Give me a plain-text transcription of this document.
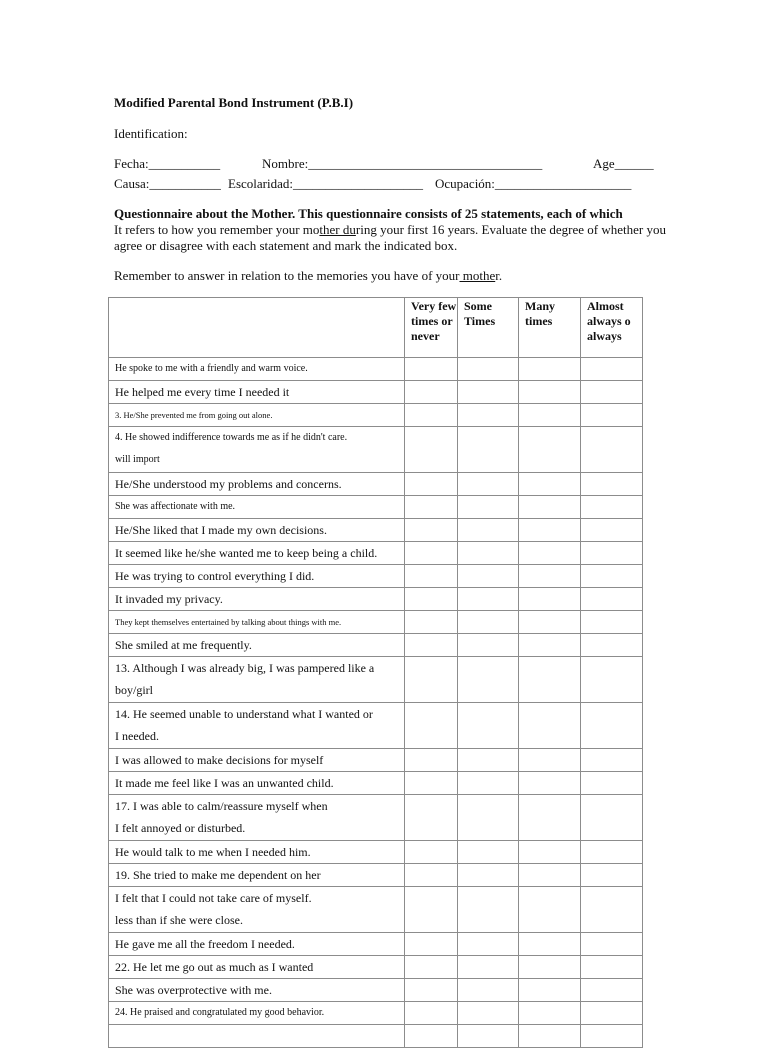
Modified Parental Bond Instrument (P.B.I)
Identification:
Fecha:___________	Nombre:____________________________________	Age______
Causa:___________ Escolaridad:____________________ Ocupación:_____________________
Questionnaire about the Mother. This questionnaire consists of 25 statements, each of which
It refers to how you remember your mother during your first 16 years. Evaluate the degree of whether you agree or disagree with each statement and mark the indicated box.
Remember to answer in relation to the memories you have of your mother.
	Very few times or never	Some Times	Many times	Almost always o always

He spoke to me with a friendly and warm voice.				

He helped me every time I needed it				

3. He/She prevented me from going out alone.				

4. He showed indifference towards me as if he didn't care.
will import				

He/She understood my problems and concerns.				

She was affectionate with me.				

He/She liked that I made my own decisions.				

It seemed like he/she wanted me to keep being a child.				

He was trying to control everything I did.				

It invaded my privacy.				

They kept themselves entertained by talking about things with me.				

She smiled at me frequently.				

13. Although I was already big, I was pampered like a
boy/girl				

14. He seemed unable to understand what I wanted or
I needed.				

I was allowed to make decisions for myself				

It made me feel like I was an unwanted child.				

17. I was able to calm/reassure myself when
I felt annoyed or disturbed.				

He would talk to me when I needed him.				

19. She tried to make me dependent on her				

I felt that I could not take care of myself.
less than if she were close.				

He gave me all the freedom I needed.				

22. He let me go out as much as I wanted				

She was overprotective with me.				

24. He praised and congratulated my good behavior.				
